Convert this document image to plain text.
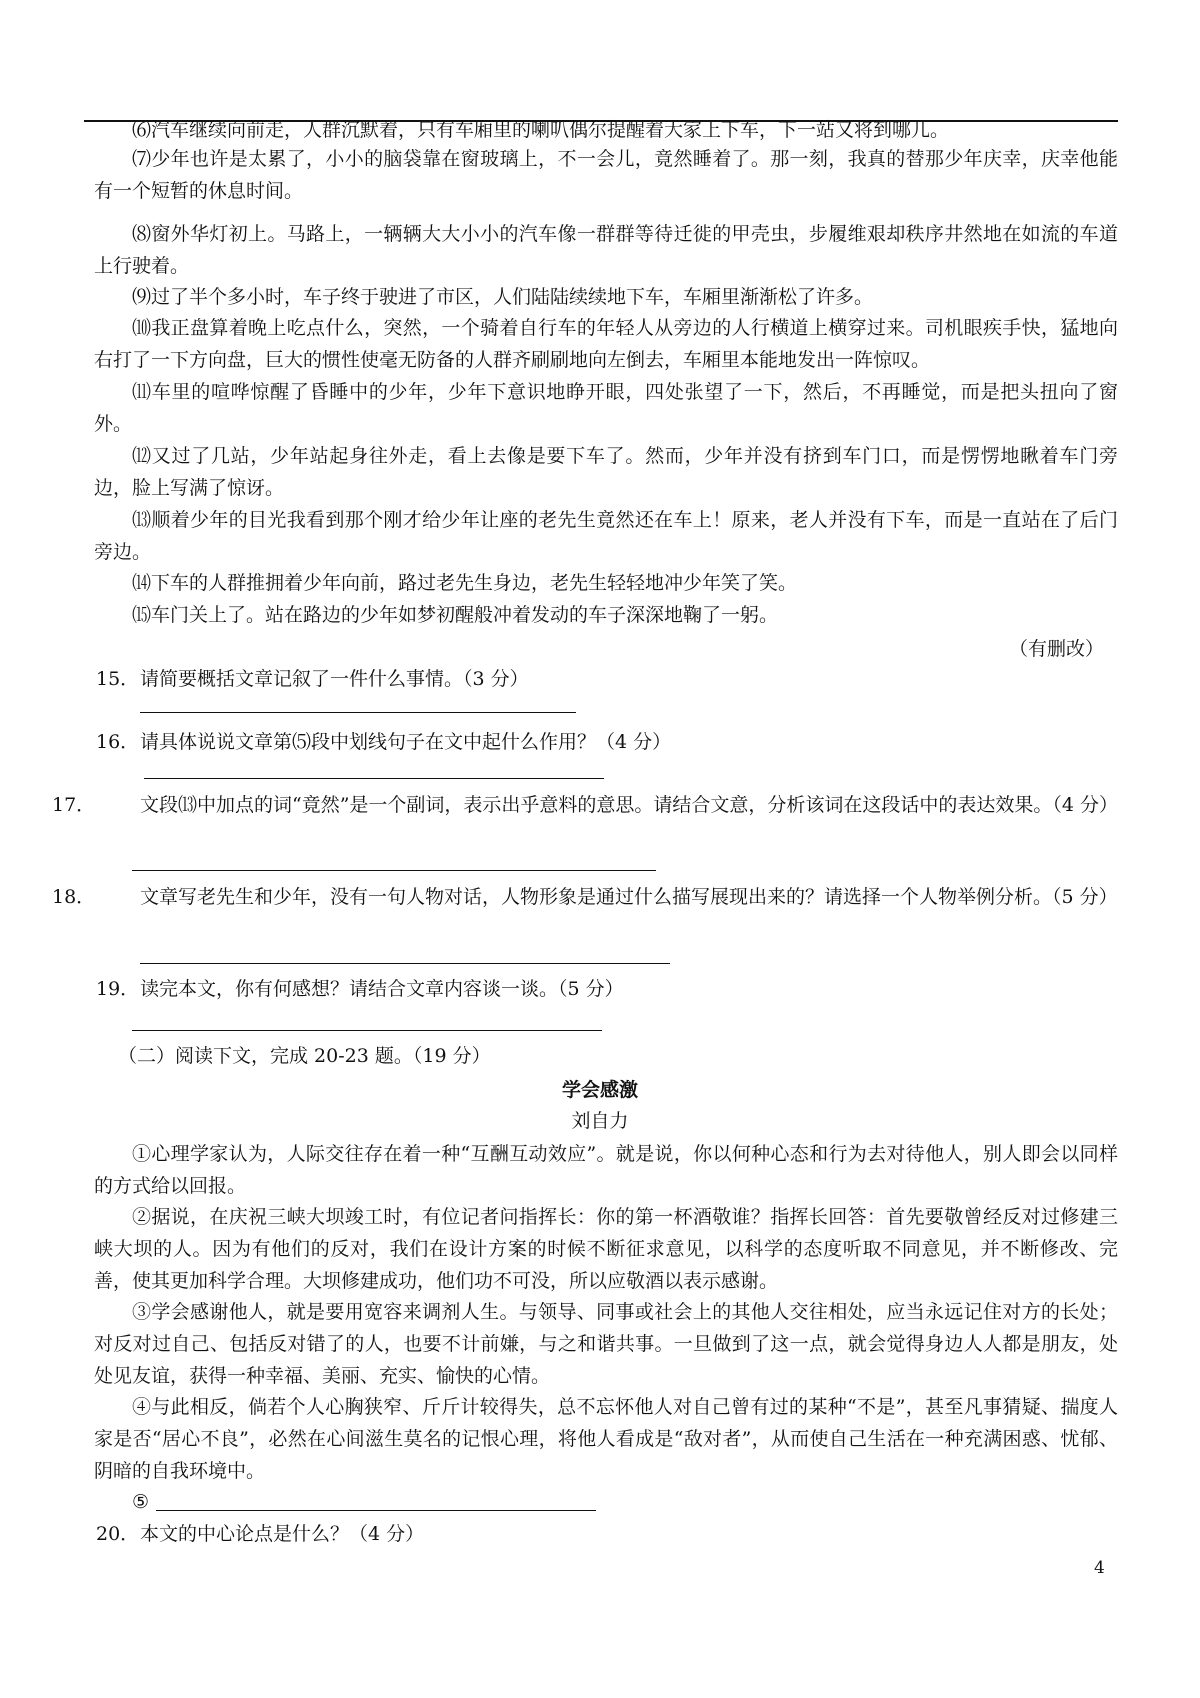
⑹汽车继续向前走，人群沉默着，只有车厢里的喇叭偶尔提醒着大家上下车，下一站又将到哪儿。

⑺少年也许是太累了，小小的脑袋靠在窗玻璃上，不一会儿，竟然睡着了。那一刻，我真的替那少年庆幸，庆幸他能有一个短暂的休息时间。

⑻窗外华灯初上。马路上，一辆辆大大小小的汽车像一群群等待迁徙的甲壳虫，步履维艰却秩序井然地在如流的车道上行驶着。

⑼过了半个多小时，车子终于驶进了市区，人们陆陆续续地下车，车厢里渐渐松了许多。

⑽我正盘算着晚上吃点什么，突然，一个骑着自行车的年轻人从旁边的人行横道上横穿过来。司机眼疾手快，猛地向右打了一下方向盘，巨大的惯性使毫无防备的人群齐刷刷地向左倒去，车厢里本能地发出一阵惊叹。

⑾车里的喧哗惊醒了昏睡中的少年，少年下意识地睁开眼，四处张望了一下，然后，不再睡觉，而是把头扭向了窗外。

⑿又过了几站，少年站起身往外走，看上去像是要下车了。然而，少年并没有挤到车门口，而是愣愣地瞅着车门旁边，脸上写满了惊讶。

⒀顺着少年的目光我看到那个刚才给少年让座的老先生竟然还在车上！原来，老人并没有下车，而是一直站在了后门旁边。

⒁下车的人群推拥着少年向前，路过老先生身边，老先生轻轻地冲少年笑了笑。

⒂车门关上了。站在路边的少年如梦初醒般冲着发动的车子深深地鞠了一躬。

（有删改）

15．请简要概括文章记叙了一件什么事情。（3 分）

16．请具体说说文章第⑸段中划线句子在文中起什么作用？（4 分）

17． 文段⒀中加点的词“竟然”是一个副词，表示出乎意料的意思。请结合文意，分析该词在这段话中的表达效果。（4 分）

18． 文章写老先生和少年，没有一句人物对话，人物形象是通过什么描写展现出来的？请选择一个人物举例分析。（5 分）

19．读完本文，你有何感想？请结合文章内容谈一谈。（5 分）

（二）阅读下文，完成 20-23 题。（19 分）

学会感激

刘自力

①心理学家认为，人际交往存在着一种“互酬互动效应”。就是说，你以何种心态和行为去对待他人，别人即会以同样的方式给以回报。

②据说，在庆祝三峡大坝竣工时，有位记者问指挥长：你的第一杯酒敬谁？指挥长回答：首先要敬曾经反对过修建三峡大坝的人。因为有他们的反对，我们在设计方案的时候不断征求意见，以科学的态度听取不同意见，并不断修改、完善，使其更加科学合理。大坝修建成功，他们功不可没，所以应敬酒以表示感谢。

③学会感谢他人，就是要用宽容来调剂人生。与领导、同事或社会上的其他人交往相处，应当永远记住对方的长处；对反对过自己、包括反对错了的人，也要不计前嫌，与之和谐共事。一旦做到了这一点，就会觉得身边人人都是朋友，处处见友谊，获得一种幸福、美丽、充实、愉快的心情。

④与此相反，倘若个人心胸狭窄、斤斤计较得失，总不忘怀他人对自己曾有过的某种“不是”，甚至凡事猜疑、揣度人家是否“居心不良”，必然在心间滋生莫名的记恨心理，将他人看成是“敌对者”，从而使自己生活在一种充满困惑、忧郁、阴暗的自我环境中。

⑤

20．本文的中心论点是什么？（4 分）

4
